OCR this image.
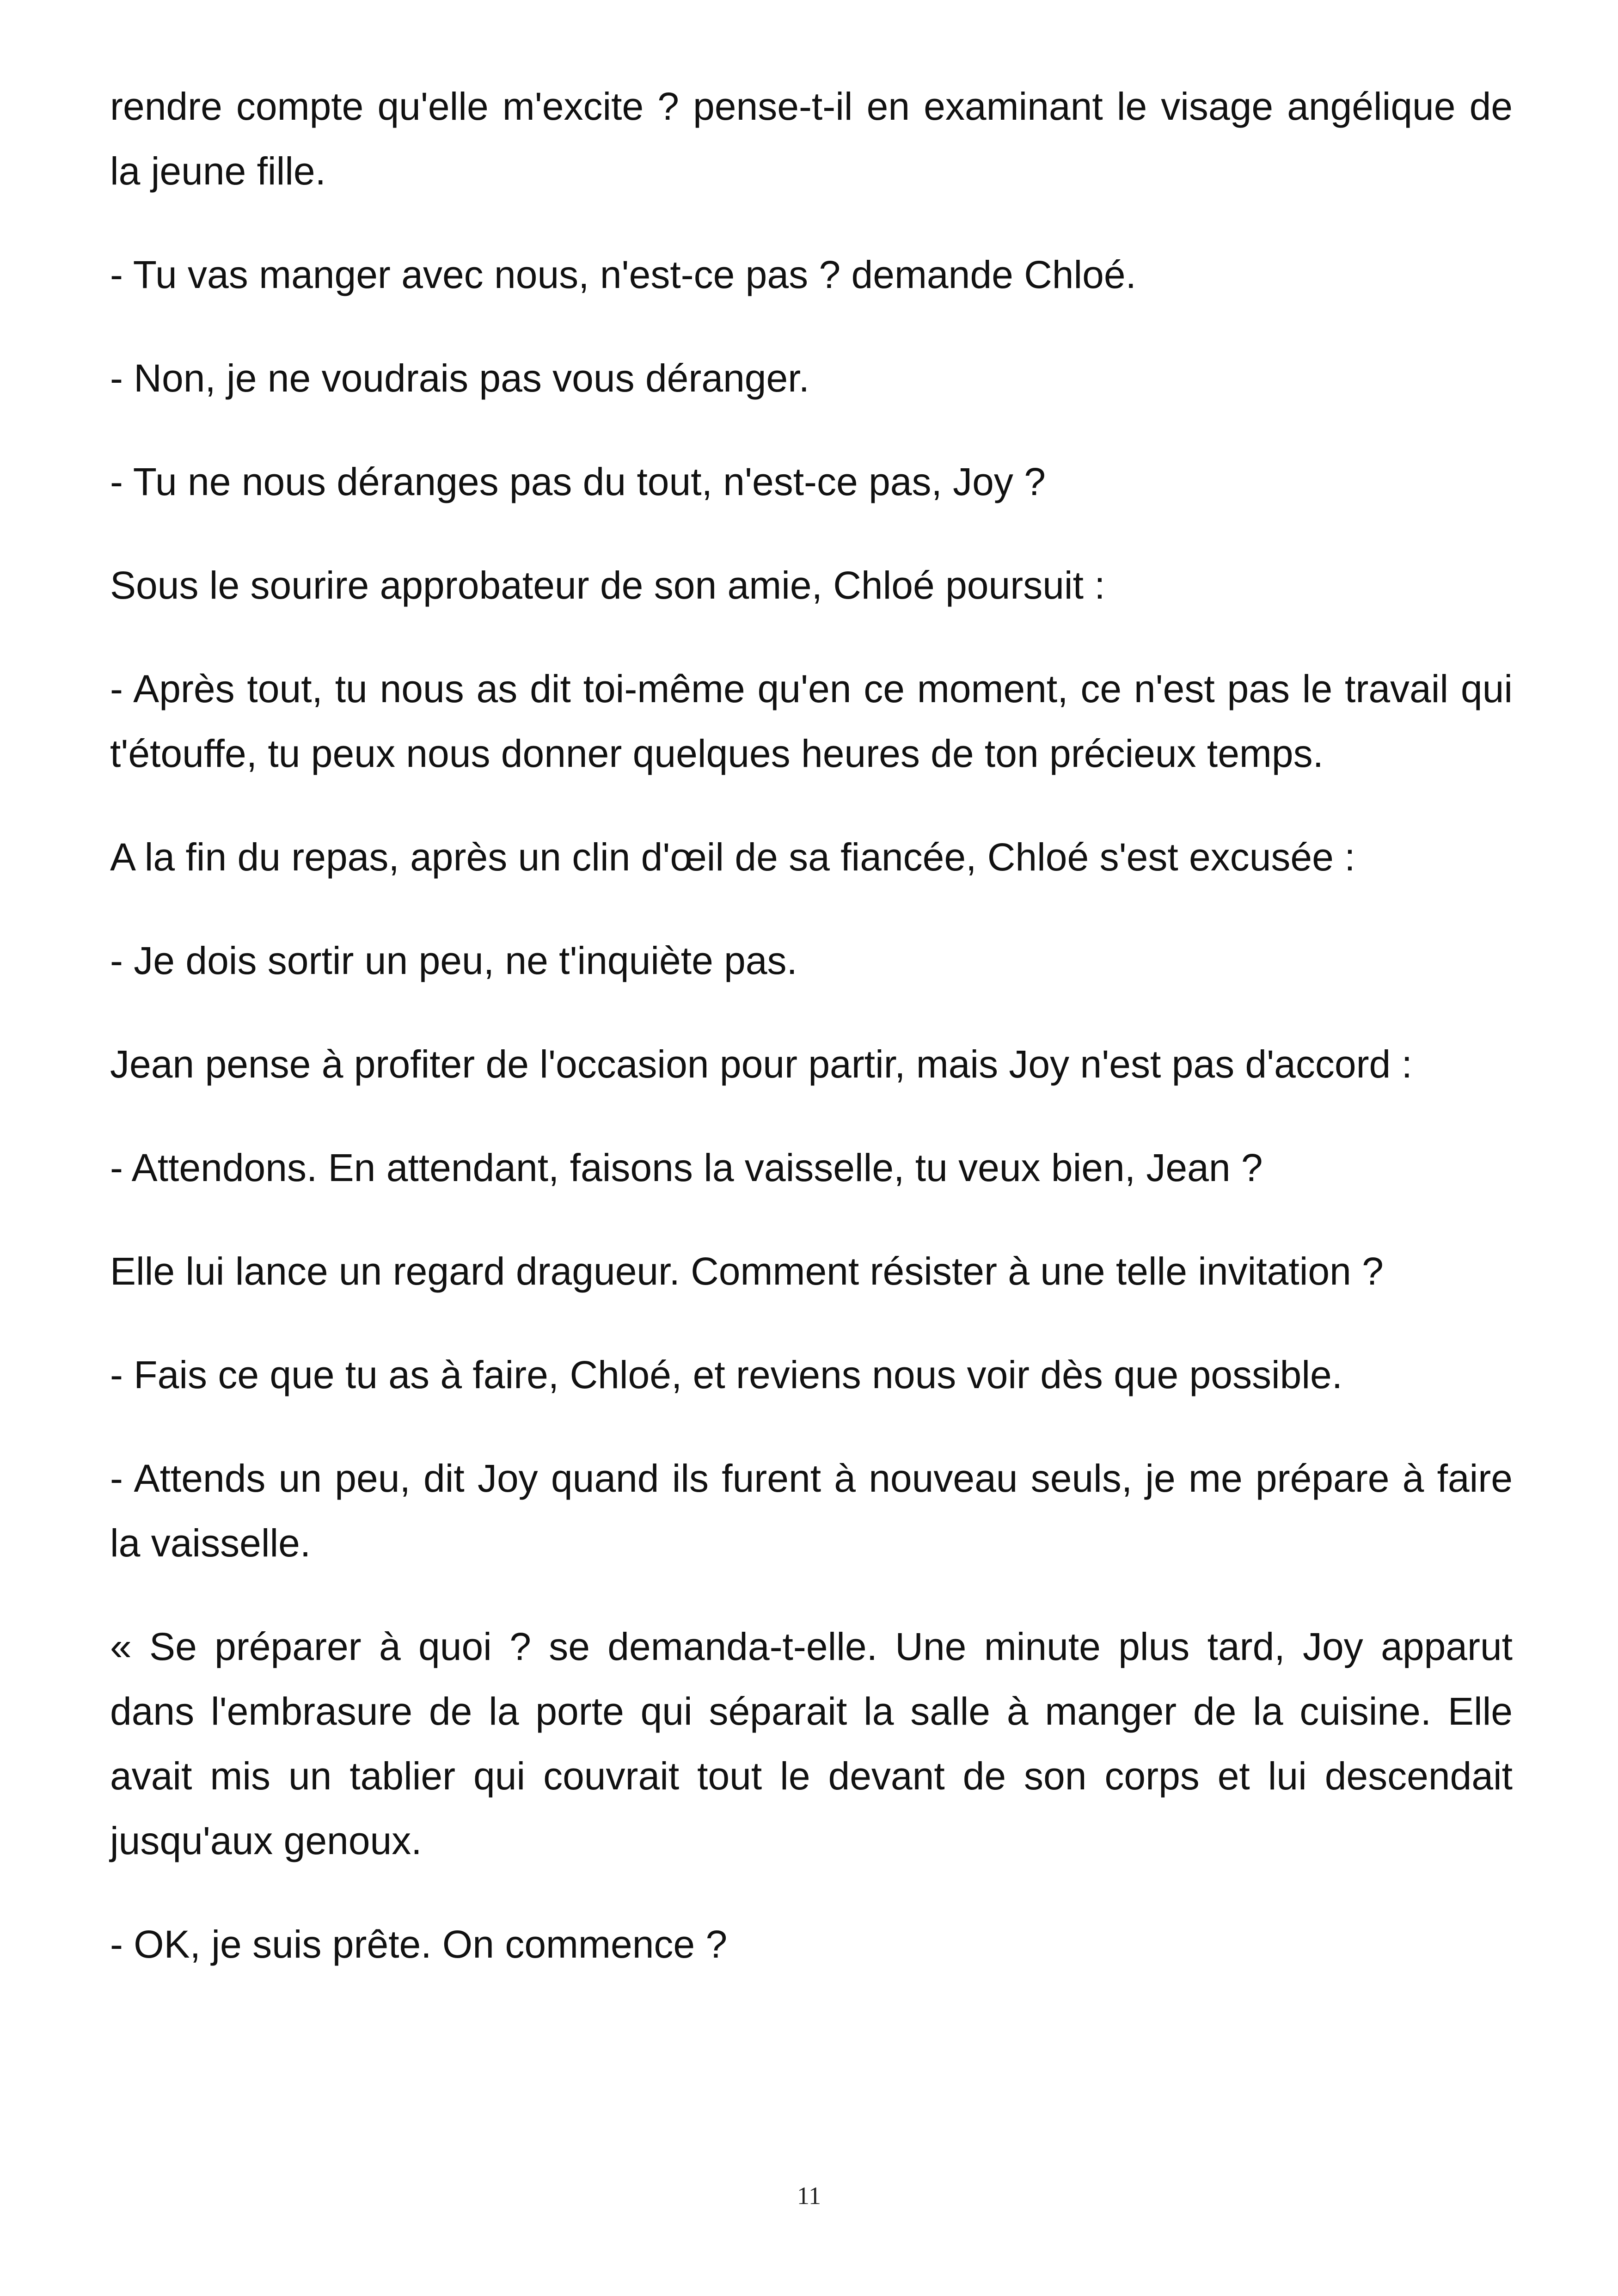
rendre compte qu'elle m'excite ? pense-t-il en examinant le visage angélique de la jeune fille.

- Tu vas manger avec nous, n'est-ce pas ? demande Chloé.

- Non, je ne voudrais pas vous déranger.

- Tu ne nous déranges pas du tout, n'est-ce pas, Joy ?

Sous le sourire approbateur de son amie, Chloé poursuit :

- Après tout, tu nous as dit toi-même qu'en ce moment, ce n'est pas le travail qui t'étouffe, tu peux nous donner quelques heures de ton précieux temps.

A la fin du repas, après un clin d'œil de sa fiancée, Chloé s'est excusée :

- Je dois sortir un peu, ne t'inquiète pas.

Jean pense à profiter de l'occasion pour partir, mais Joy n'est pas d'accord :

- Attendons. En attendant, faisons la vaisselle, tu veux bien, Jean ?

Elle lui lance un regard dragueur. Comment résister à une telle invitation ?

- Fais ce que tu as à faire, Chloé, et reviens nous voir dès que possible.

- Attends un peu, dit Joy quand ils furent à nouveau seuls, je me prépare à faire la vaisselle.

« Se préparer à quoi ? se demanda-t-elle. Une minute plus tard, Joy apparut dans l'embrasure de la porte qui séparait la salle à manger de la cuisine. Elle avait mis un tablier qui couvrait tout le devant de son corps et lui descendait jusqu'aux genoux.

- OK, je suis prête. On commence ?

11
